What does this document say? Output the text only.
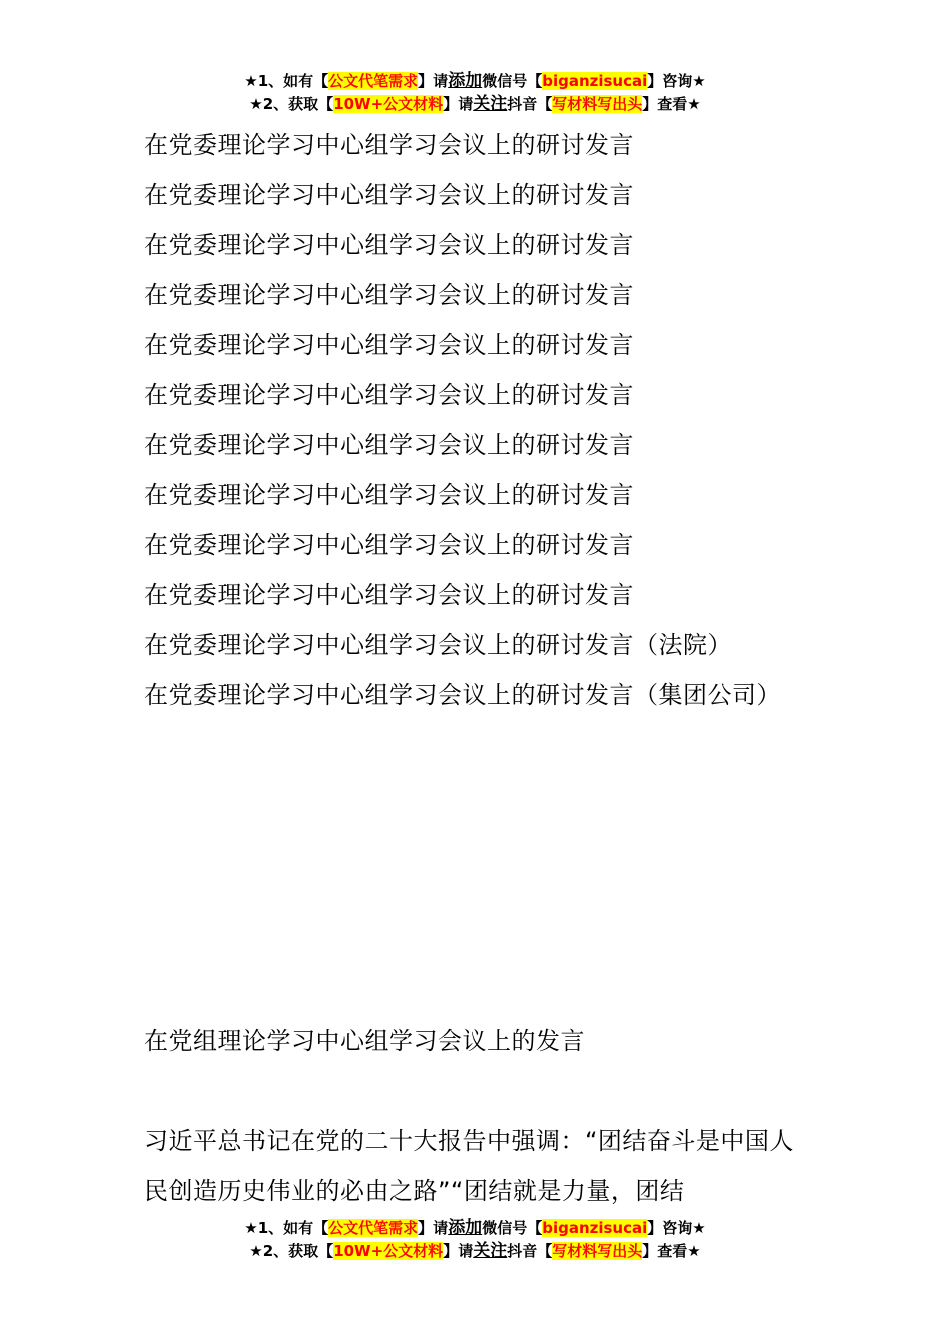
★1、如有【公文代笔需求】请添加微信号【biganzisucai】咨询★
★2、获取【10W+公文材料】请关注抖音【写材料写出头】查看★

在党委理论学习中心组学习会议上的研讨发言

在党委理论学习中心组学习会议上的研讨发言

在党委理论学习中心组学习会议上的研讨发言

在党委理论学习中心组学习会议上的研讨发言

在党委理论学习中心组学习会议上的研讨发言

在党委理论学习中心组学习会议上的研讨发言

在党委理论学习中心组学习会议上的研讨发言

在党委理论学习中心组学习会议上的研讨发言

在党委理论学习中心组学习会议上的研讨发言

在党委理论学习中心组学习会议上的研讨发言

在党委理论学习中心组学习会议上的研讨发言（法院）

在党委理论学习中心组学习会议上的研讨发言（集团公司）

在党组理论学习中心组学习会议上的发言

习近平总书记在党的二十大报告中强调：“团结奋斗是中国人民创造历史伟业的必由之路”“团结就是力量，团结

★1、如有【公文代笔需求】请添加微信号【biganzisucai】咨询★
★2、获取【10W+公文材料】请关注抖音【写材料写出头】查看★
